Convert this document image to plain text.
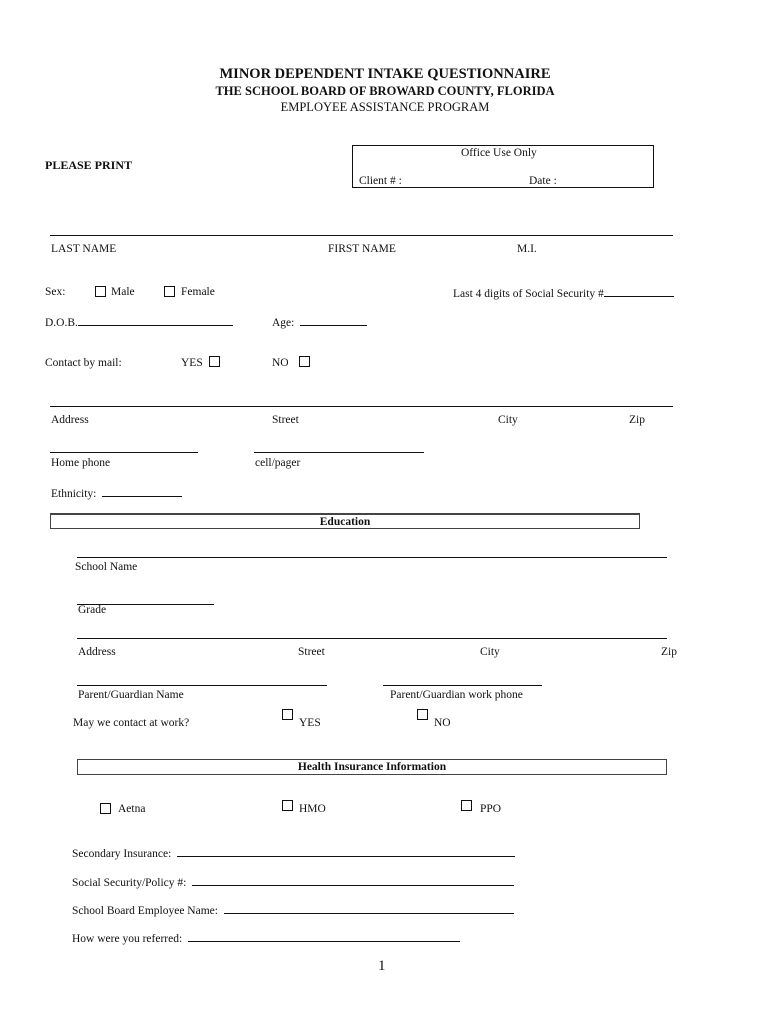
MINOR DEPENDENT INTAKE QUESTIONNAIRE
THE SCHOOL BOARD OF BROWARD COUNTY, FLORIDA
EMPLOYEE ASSISTANCE PROGRAM
PLEASE PRINT
Office Use Only
Client # :	Date :
LAST NAME	FIRST NAME	M.I.
Sex:	Male	Female	Last 4 digits of Social Security #
D.O.B.	Age:
Contact by mail:	YES	NO
Address	Street	City	Zip
Home phone	cell/pager
Ethnicity:
Education
School Name
Grade
Address	Street	City	Zip
Parent/Guardian Name	Parent/Guardian work phone
May we contact at work?	YES	NO
Health Insurance Information
Aetna	HMO	PPO
Secondary Insurance:
Social Security/Policy #:
School Board Employee Name:
How were you referred:
1
